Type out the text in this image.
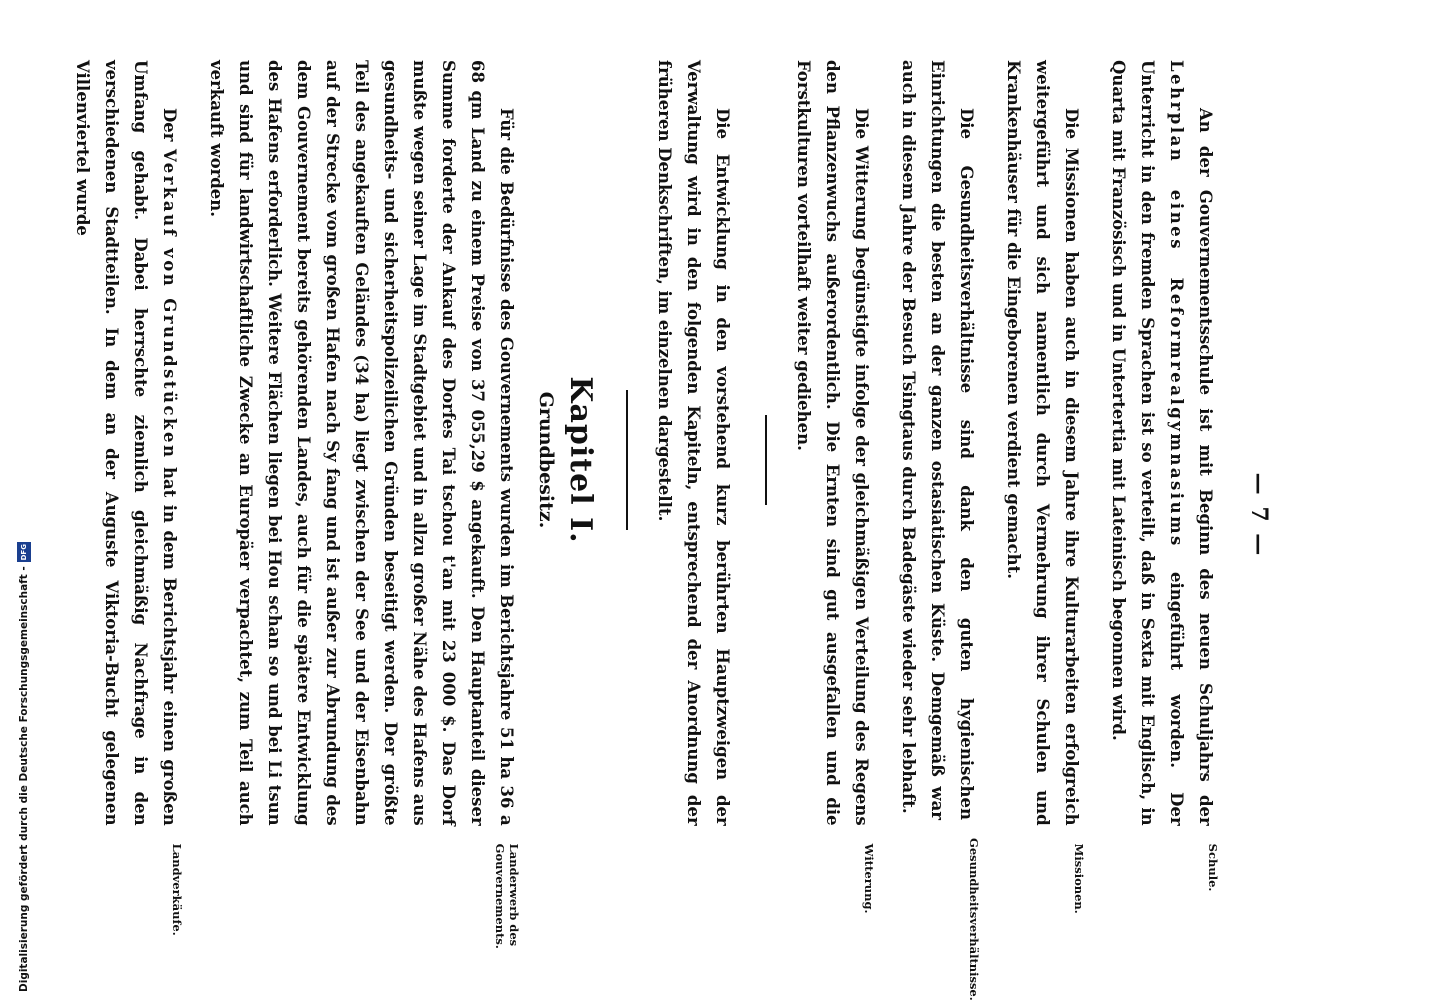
— 7 —

An der Gouvernementsschule ist mit Beginn des neuen Schuljahrs der Lehrplan eines Reformrealgymnasiums eingeführt worden. Der Unterricht in den fremden Sprachen ist so verteilt, daß in Sexta mit Englisch, in Quarta mit Französisch und in Untertertia mit Lateinisch begonnen wird.

Schule.

Die Missionen haben auch in diesem Jahre ihre Kulturarbeiten erfolgreich weitergeführt und sich namentlich durch Vermehrung ihrer Schulen und Krankenhäuser für die Eingeborenen verdient gemacht.

Missionen.

Die Gesundheitsverhältnisse sind dank den guten hygienischen Einrichtungen die besten an der ganzen ostasiatischen Küste. Demgemäß war auch in diesem Jahre der Besuch Tsingtaus durch Badegäste wieder sehr lebhaft.

Gesundheitsverhältnisse.

Die Witterung begünstigte infolge der gleichmäßigen Verteilung des Regens den Pflanzenwuchs außerordentlich. Die Ernten sind gut ausgefallen und die Forstkulturen vorteilhaft weiter gediehen.

Witterung.

Die Entwicklung in den vorstehend kurz berührten Hauptzweigen der Verwaltung wird in den folgenden Kapiteln, entsprechend der Anordnung der früheren Denkschriften, im einzelnen dargestellt.

Kapitel I.
Grundbesitz.

Für die Bedürfnisse des Gouvernements wurden im Berichtsjahre 51 ha 36 a 68 qm Land zu einem Preise von 37 055,29 $ angekauft. Den Hauptanteil dieser Summe forderte der Ankauf des Dorfes Tai tschou t'an mit 23 000 $. Das Dorf mußte wegen seiner Lage im Stadtgebiet und in allzu großer Nähe des Hafens aus gesundheits- und sicherheitspolizeilichen Gründen beseitigt werden. Der größte Teil des angekauften Geländes (34 ha) liegt zwischen der See und der Eisenbahn auf der Strecke vom großen Hafen nach Sy fang und ist außer zur Abrundung des dem Gouvernement bereits gehörenden Landes, auch für die spätere Entwicklung des Hafens erforderlich. Weitere Flächen liegen bei Hou schan so und bei Li tsun und sind für landwirtschaftliche Zwecke an Europäer verpachtet, zum Teil auch verkauft worden.

Landerwerb des Gouvernements.

Der Verkauf von Grundstücken hat in dem Berichtsjahr einen großen Umfang gehabt. Dabei herrschte ziemlich gleichmäßig Nachfrage in den verschiedenen Stadtteilen. In dem an der Auguste Viktoria-Bucht gelegenen Villenviertel wurde

Landverkäufe.
Digitalisierung gefördert durch die Deutsche Forschungsgemeinschaft -
DFG
